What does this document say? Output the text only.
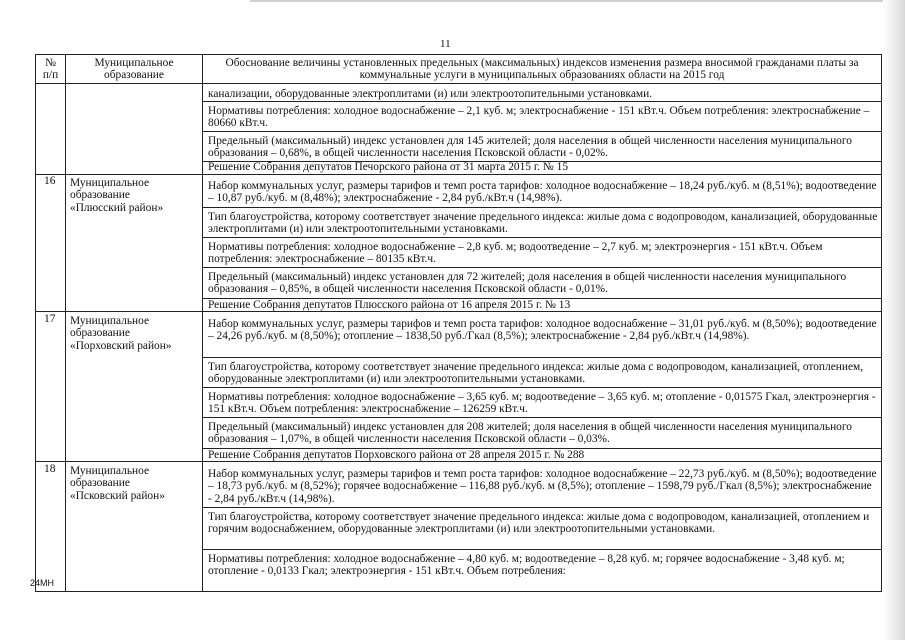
11
№
п/п
Муниципальное
образование
Обоснование величины установленных предельных (максимальных) индексов изменения размера вносимой гражданами платы за коммунальные услуги в муниципальных образованиях области на 2015 год
канализации, оборудованные электроплитами (и) или электроотопительными установками.
Нормативы потребления: холодное водоснабжение – 2,1 куб. м; электроснабжение - 151 кВт.ч. Объем потребления: электроснабжение – 80660 кВт.ч.
Предельный (максимальный) индекс установлен для 145 жителей; доля населения в общей численности населения муниципального образования – 0,68%, в общей численности населения Псковской области - 0,02%.
Решение Собрания депутатов Печорского района от 31 марта 2015 г. № 15
16 Муниципальное
образование
«Плюсский район»
Набор коммунальных услуг, размеры тарифов и темп роста тарифов: холодное водоснабжение – 18,24 руб./куб. м (8,51%); водоотведение – 10,87 руб./куб. м (8,48%); электроснабжение - 2,84 руб./кВт.ч (14,98%).
Тип благоустройства, которому соответствует значение предельного индекса: жилые дома с водопроводом, канализацией, оборудованные электроплитами (и) или электроотопительными установками.
Нормативы потребления: холодное водоснабжение – 2,8 куб. м; водоотведение – 2,7 куб. м; электроэнергия - 151 кВт.ч. Объем потребления: электроснабжение – 80135 кВт.ч.
Предельный (максимальный) индекс установлен для 72 жителей; доля населения в общей численности населения муниципального образования – 0,85%, в общей численности населения Псковской области - 0,01%.
Решение Собрания депутатов Плюсского района от 16 апреля 2015 г. № 13
17 Муниципальное
образование
«Порховский район»
Набор коммунальных услуг, размеры тарифов и темп роста тарифов: холодное водоснабжение – 31,01 руб./куб. м (8,50%); водоотведение – 24,26 руб./куб. м (8,50%); отопление – 1838,50 руб./Гкал (8,5%); электроснабжение - 2,84 руб./кВт.ч (14,98%).
Тип благоустройства, которому соответствует значение предельного индекса: жилые дома с водопроводом, канализацией, отоплением, оборудованные электроплитами (и) или электроотопительными установками.
Нормативы потребления: холодное водоснабжение – 3,65 куб. м; водоотведение – 3,65 куб. м; отопление - 0,01575 Гкал, электроэнергия - 151 кВт.ч. Объем потребления: электроснабжение – 126259 кВт.ч.
Предельный (максимальный) индекс установлен для 208 жителей; доля населения в общей численности населения муниципального образования – 1,07%, в общей численности населения Псковской области – 0,03%.
Решение Собрания депутатов Порховского района от 28 апреля 2015 г. № 288
18 Муниципальное
образование
«Псковский район»
Набор коммунальных услуг, размеры тарифов и темп роста тарифов: холодное водоснабжение – 22,73 руб./куб. м (8,50%); водоотведение – 18,73 руб./куб. м (8,52%); горячее водоснабжение – 116,88 руб./куб. м (8,5%); отопление – 1598,79 руб./Гкал (8,5%); электроснабжение - 2,84 руб./кВт.ч (14,98%).
Тип благоустройства, которому соответствует значение предельного индекса: жилые дома с водопроводом, канализацией, отоплением и горячим водоснабжением, оборудованные электроплитами (и) или электроотопительными установками.
Нормативы потребления: холодное водоснабжение – 4,80 куб. м; водоотведение – 8,28 куб. м; горячее водоснабжение - 3,48 куб. м; отопление - 0,0133 Гкал; электроэнергия - 151 кВт.ч. Объем потребления:
24МН
